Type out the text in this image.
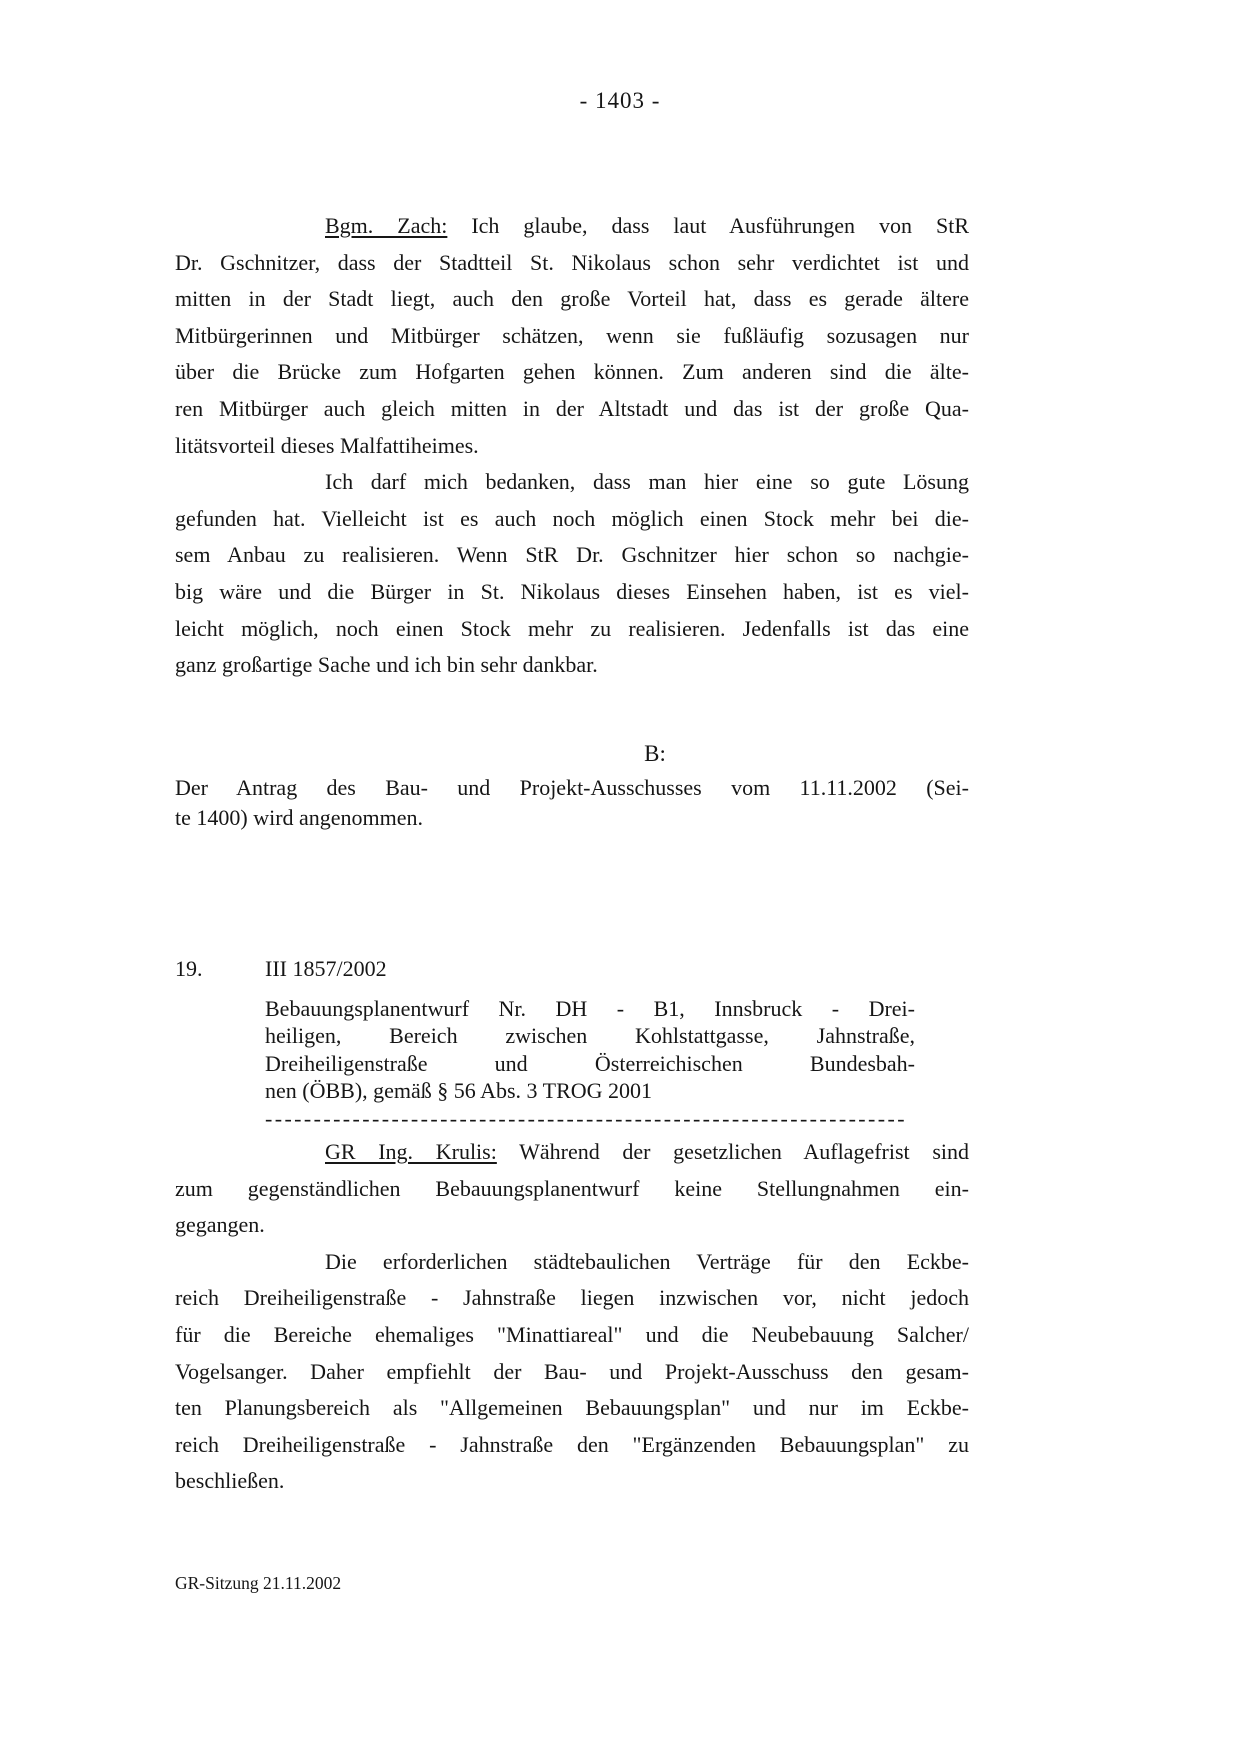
- 1403 -
Bgm. Zach: Ich glaube, dass laut Ausführungen von StR
Dr. Gschnitzer, dass der Stadtteil St. Nikolaus schon sehr verdichtet ist und
mitten in der Stadt liegt, auch den große Vorteil hat, dass es gerade ältere
Mitbürgerinnen und Mitbürger schätzen, wenn sie fußläufig sozusagen nur
über die Brücke zum Hofgarten gehen können. Zum anderen sind die älte-
ren Mitbürger auch gleich mitten in der Altstadt und das ist der große Qua-
litätsvorteil dieses Malfattiheimes.
Ich darf mich bedanken, dass man hier eine so gute Lösung
gefunden hat. Vielleicht ist es auch noch möglich einen Stock mehr bei die-
sem Anbau zu realisieren. Wenn StR Dr. Gschnitzer hier schon so nachgie-
big wäre und die Bürger in St. Nikolaus dieses Einsehen haben, ist es viel-
leicht möglich, noch einen Stock mehr zu realisieren. Jedenfalls ist das eine
ganz großartige Sache und ich bin sehr dankbar.
B:
Der Antrag des Bau- und Projekt-Ausschusses vom 11.11.2002 (Sei-
te 1400) wird angenommen.
19.	III 1857/2002
Bebauungsplanentwurf Nr. DH - B1, Innsbruck - Drei-
heiligen, Bereich zwischen Kohlstattgasse, Jahnstraße,
Dreiheiligenstraße und Österreichischen Bundesbah-
nen (ÖBB), gemäß § 56 Abs. 3 TROG 2001
------------------------------------------------------------------
GR Ing. Krulis: Während der gesetzlichen Auflagefrist sind
zum gegenständlichen Bebauungsplanentwurf keine Stellungnahmen ein-
gegangen.
Die erforderlichen städtebaulichen Verträge für den Eckbe-
reich Dreiheiligenstraße - Jahnstraße liegen inzwischen vor, nicht jedoch
für die Bereiche ehemaliges "Minattiareal" und die Neubebauung Salcher/
Vogelsanger. Daher empfiehlt der Bau- und Projekt-Ausschuss den gesam-
ten Planungsbereich als "Allgemeinen Bebauungsplan" und nur im Eckbe-
reich Dreiheiligenstraße - Jahnstraße den "Ergänzenden Bebauungsplan" zu
beschließen.
GR-Sitzung 21.11.2002
